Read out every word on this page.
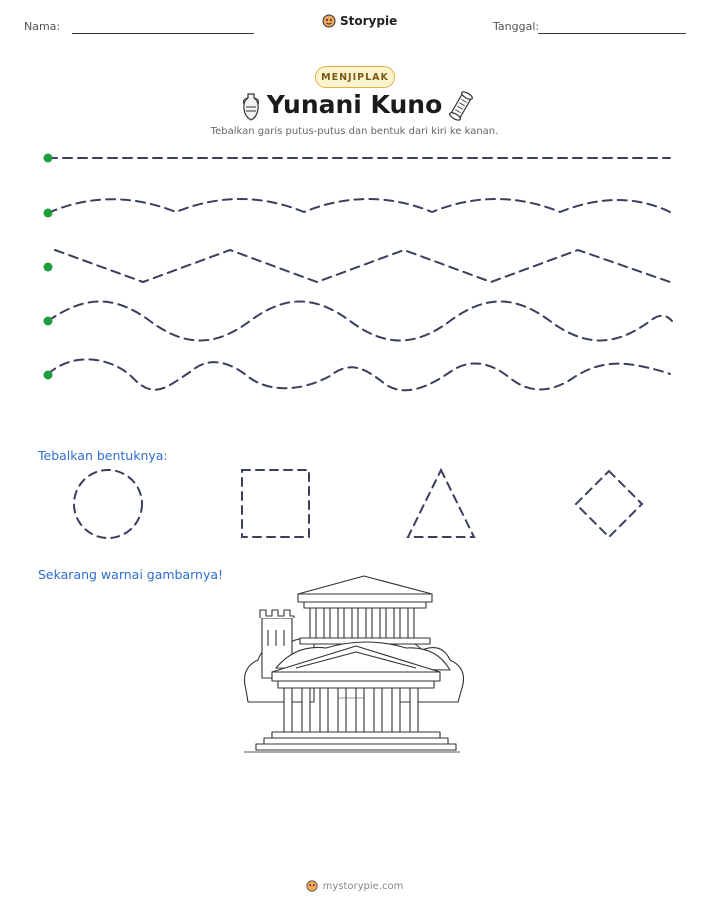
Nama:	Storypie	Tanggal:
MENJIPLAK
Yunani Kuno
Tebalkan garis putus-putus dan bentuk dari kiri ke kanan.
Tebalkan bentuknya:
Sekarang warnai gambarnya!
mystorypie.com
